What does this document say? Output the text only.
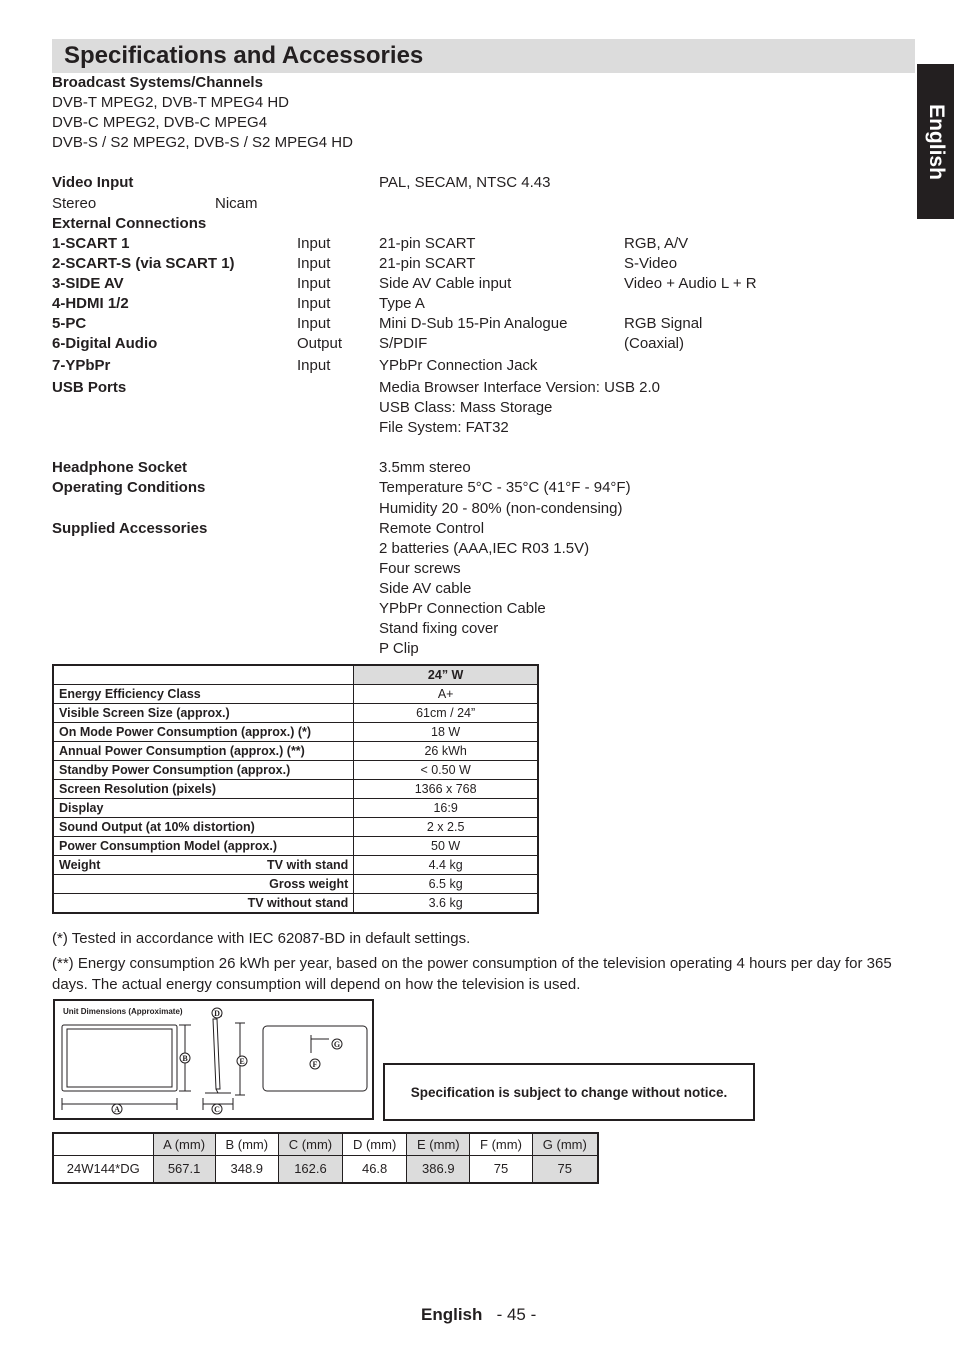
Specifications and Accessories
English
Broadcast Systems/Channels
DVB-T MPEG2, DVB-T MPEG4 HD
DVB-C MPEG2, DVB-C MPEG4
DVB-S / S2 MPEG2, DVB-S / S2 MPEG4 HD
Video Input	PAL, SECAM, NTSC 4.43
Stereo	Nicam
External Connections
1-SCART 1	Input	21-pin SCART	RGB, A/V
2-SCART-S (via SCART 1)	Input	21-pin SCART	S-Video
3-SIDE AV	Input	Side AV Cable input	Video + Audio L + R
4-HDMI 1/2	Input	Type A
5-PC	Input	Mini D-Sub 15-Pin Analogue	RGB Signal
6-Digital Audio	Output S/PDIF	(Coaxial)
7-YPbPr	Input	YPbPr Connection Jack
USB Ports	Media Browser Interface Version: USB 2.0
USB Class: Mass Storage
File System: FAT32
Headphone Socket	3.5mm stereo
Operating Conditions	Temperature 5°C - 35°C (41°F - 94°F)
Humidity 20 - 80% (non-condensing)
Supplied Accessories	Remote Control
2 batteries (AAA,IEC R03 1.5V)
Four screws
Side AV cable
YPbPr Connection Cable
Stand fixing cover
P Clip
	24” W
Energy Efficiency Class	A+
Visible Screen Size (approx.)	61cm / 24”
On Mode Power Consumption (approx.) (*)	18 W
Annual Power Consumption (approx.) (**)	26 kWh
Standby Power Consumption (approx.)	< 0.50 W
Screen Resolution (pixels)	1366 x 768
Display	16:9
Sound Output (at 10% distortion)	2 x 2.5
Power Consumption Model (approx.)	50 W

Weight TV with stand	4.4 kg
Gross weight	6.5 kg
TV without stand	3.6 kg
(*) Tested in accordance with IEC 62087-BD in default settings.
(**) Energy consumption 26 kWh per year, based on the power consumption of the television operating 4 hours per day for 365 days. The actual energy consumption will depend on how the television is used.
Unit Dimensions (Approximate)
A
B
C
D
E	F
G
Specification is subject to change without notice.
	A (mm)	B (mm)	C (mm)	D (mm)	E (mm)	F (mm)	G (mm)
24W144*DG	567.1	348.9	162.6	46.8	386.9	75	75
English - 45 -
